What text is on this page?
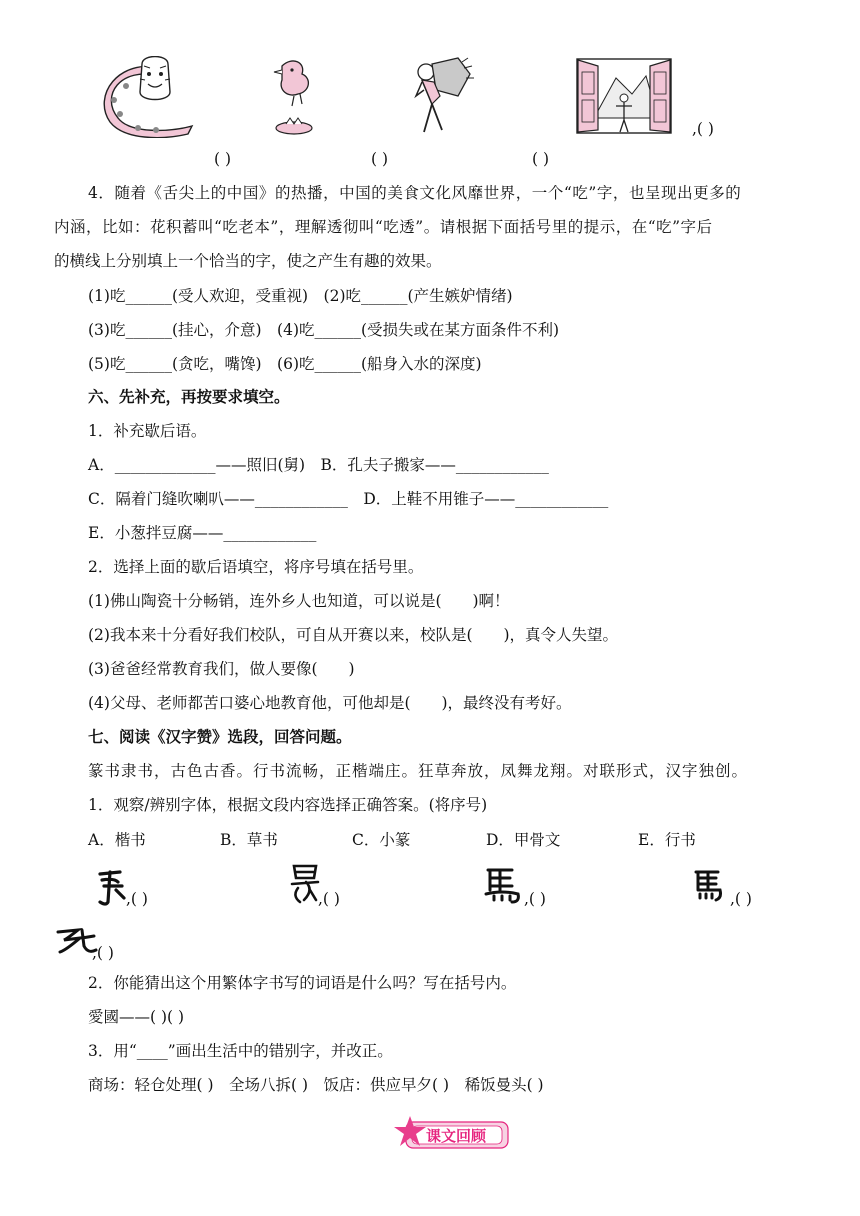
,( )
( )	( )	( )
4．随着《舌尖上的中国》的热播，中国的美食文化风靡世界，一个“吃”字，也呈现出更多的
内涵，比如：花积蓄叫“吃老本”，理解透彻叫“吃透”。请根据下面括号里的提示，在“吃”字后
的横线上分别填上一个恰当的字，使之产生有趣的效果。
(1)吃______(受人欢迎，受重视)　(2)吃______(产生嫉妒情绪)
(3)吃______(挂心，介意)　(4)吃______(受损失或在某方面条件不利)
(5)吃______(贪吃，嘴馋)　(6)吃______(船身入水的深度)
六、先补充，再按要求填空。
1．补充歇后语。
A．_____________——照旧(舅)　B．孔夫子搬家——____________
C．隔着门缝吹喇叭——____________　D．上鞋不用锥子——____________
E．小葱拌豆腐——____________
2．选择上面的歇后语填空，将序号填在括号里。
(1)佛山陶瓷十分畅销，连外乡人也知道，可以说是(　　)啊！
(2)我本来十分看好我们校队，可自从开赛以来，校队是(　　)，真令人失望。
(3)爸爸经常教育我们，做人要像(　　)
(4)父母、老师都苦口婆心地教育他，可他却是(　　)，最终没有考好。
七、阅读《汉字赞》选段，回答问题。
篆书隶书，古色古香。行书流畅，正楷端庄。狂草奔放，凤舞龙翔。对联形式，汉字独创。
1．观察/辨别字体，根据文段内容选择正确答案。(将序号)
A．楷书	B．草书	C．小篆	D．甲骨文	E．行书
,( )	,( )	,( )	,( )
,( )
2．你能猜出这个用繁体字书写的词语是什么吗？写在括号内。
愛國——( )( )
3．用“____”画出生活中的错别字，并改正。
商场：轻仓处理( )　全场八拆( )　饭店：供应早夕( )　稀饭曼头( )
课文回顾
